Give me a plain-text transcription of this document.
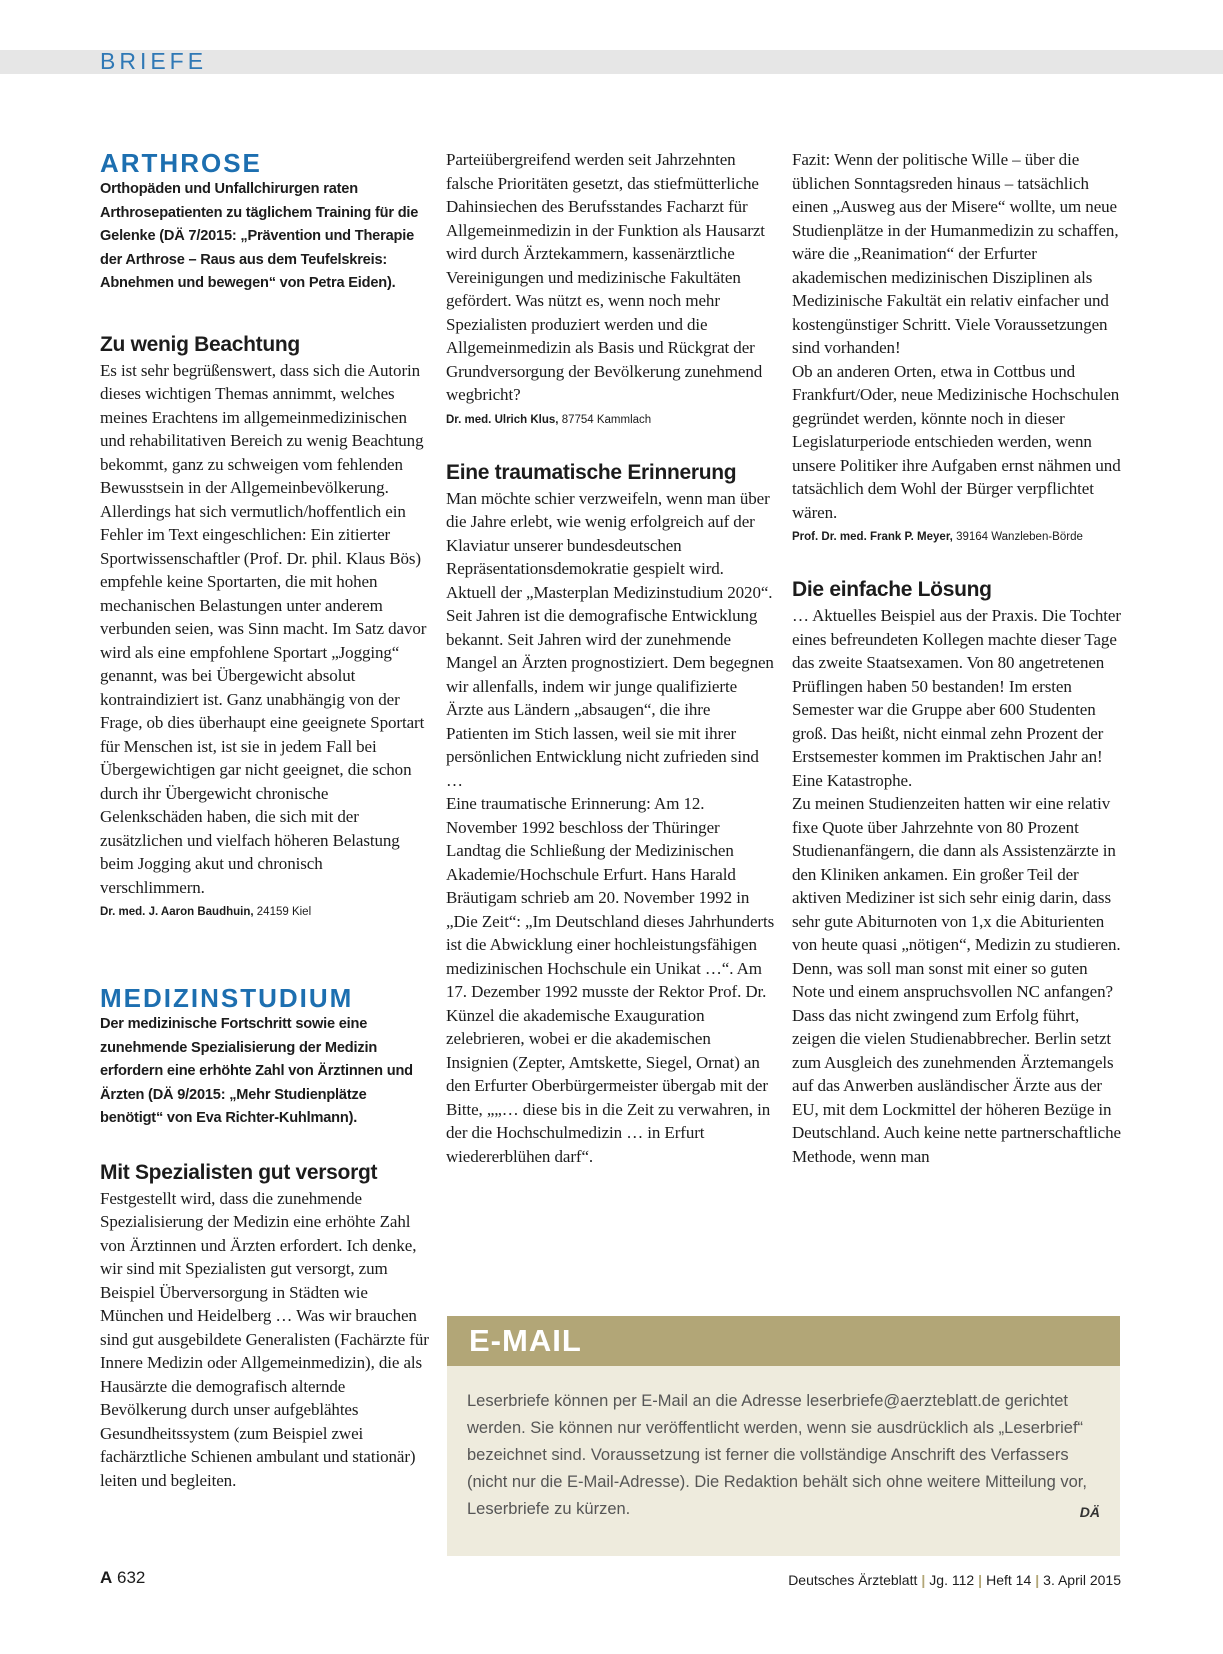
BRIEFE
ARTHROSE

Orthopäden und Unfallchirurgen raten Arthrosepatienten zu täglichem Training für die Gelenke (DÄ 7/2015: „Prävention und Therapie der Arthrose – Raus aus dem Teufelskreis: Abnehmen und bewegen“ von Petra Eiden).

Zu wenig Beachtung

Es ist sehr begrüßenswert, dass sich die Autorin dieses wichtigen Themas annimmt, welches meines Erachtens im allgemeinmedizinischen und rehabilitativen Bereich zu wenig Beachtung bekommt, ganz zu schweigen vom fehlenden Bewusstsein in der Allgemeinbevölkerung. Allerdings hat sich vermutlich/hoffentlich ein Fehler im Text eingeschlichen: Ein zitierter Sportwissenschaftler (Prof. Dr. phil. Klaus Bös) empfehle keine Sportarten, die mit hohen mechanischen Belastungen unter anderem verbunden seien, was Sinn macht. Im Satz davor wird als eine empfohlene Sportart „Jogging“ genannt, was bei Übergewicht absolut kontraindiziert ist. Ganz unabhängig von der Frage, ob dies überhaupt eine geeignete Sportart für Menschen ist, ist sie in jedem Fall bei Übergewichtigen gar nicht geeignet, die schon durch ihr Übergewicht chronische Gelenkschäden haben, die sich mit der zusätzlichen und vielfach höheren Belastung beim Jogging akut und chronisch verschlimmern.

Dr. med. J. Aaron Baudhuin, 24159 Kiel

MEDIZINSTUDIUM

Der medizinische Fortschritt sowie eine zunehmende Spezialisierung der Medizin erfordern eine erhöhte Zahl von Ärztinnen und Ärzten (DÄ 9/2015: „Mehr Studienplätze benötigt“ von Eva Richter-Kuhlmann).

Mit Spezialisten gut versorgt

Festgestellt wird, dass die zunehmende Spezialisierung der Medizin eine erhöhte Zahl von Ärztinnen und Ärzten erfordert. Ich denke, wir sind mit Spezialisten gut versorgt, zum Beispiel Überversorgung in Städten wie München und Heidelberg … Was wir brauchen sind gut ausgebildete Generalisten (Fachärzte für Innere Medizin oder Allgemeinmedizin), die als Hausärzte die demografisch alternde Bevölkerung durch unser aufgeblähtes Gesundheitssystem (zum Beispiel zwei fachärztliche Schienen ambulant und stationär) leiten und begleiten.

Parteiübergreifend werden seit Jahrzehnten falsche Prioritäten gesetzt, das stiefmütterliche Dahinsiechen des Berufsstandes Facharzt für Allgemeinmedizin in der Funktion als Hausarzt wird durch Ärztekammern, kassenärztliche Vereinigungen und medizinische Fakultäten gefördert. Was nützt es, wenn noch mehr Spezialisten produziert werden und die Allgemeinmedizin als Basis und Rückgrat der Grundversorgung der Bevölkerung zunehmend wegbricht?

Dr. med. Ulrich Klus, 87754 Kammlach

Eine traumatische Erinnerung

Man möchte schier verzweifeln, wenn man über die Jahre erlebt, wie wenig erfolgreich auf der Klaviatur unserer bundesdeutschen Repräsentationsdemokratie gespielt wird. Aktuell der „Masterplan Medizinstudium 2020“.

Seit Jahren ist die demografische Entwicklung bekannt. Seit Jahren wird der zunehmende Mangel an Ärzten prognostiziert. Dem begegnen wir allenfalls, indem wir junge qualifizierte Ärzte aus Ländern „absaugen“, die ihre Patienten im Stich lassen, weil sie mit ihrer persönlichen Entwicklung nicht zufrieden sind …

Eine traumatische Erinnerung: Am 12. November 1992 beschloss der Thüringer Landtag die Schließung der Medizinischen Akademie/Hochschule Erfurt. Hans Harald Bräutigam schrieb am 20. November 1992 in „Die Zeit“: „Im Deutschland dieses Jahrhunderts ist die Abwicklung einer hochleistungsfähigen medizinischen Hochschule ein Unikat …“. Am 17. Dezember 1992 musste der Rektor Prof. Dr. Künzel die akademische Exauguration zelebrieren, wobei er die akademischen Insignien (Zepter, Amtskette, Siegel, Ornat) an den Erfurter Oberbürgermeister übergab mit der Bitte, „„… diese bis in die Zeit zu verwahren, in der die Hochschulmedizin … in Erfurt wiedererblühen darf“.

Fazit: Wenn der politische Wille – über die üblichen Sonntagsreden hinaus – tatsächlich einen „Ausweg aus der Misere“ wollte, um neue Studienplätze in der Humanmedizin zu schaffen, wäre die „Reanimation“ der Erfurter akademischen medizinischen Disziplinen als Medizinische Fakultät ein relativ einfacher und kostengünstiger Schritt. Viele Voraussetzungen sind vorhanden!

Ob an anderen Orten, etwa in Cottbus und Frankfurt/Oder, neue Medizinische Hochschulen gegründet werden, könnte noch in dieser Legislaturperiode entschieden werden, wenn unsere Politiker ihre Aufgaben ernst nähmen und tatsächlich dem Wohl der Bürger verpflichtet wären.

Prof. Dr. med. Frank P. Meyer, 39164 Wanzleben-Börde

Die einfache Lösung

… Aktuelles Beispiel aus der Praxis. Die Tochter eines befreundeten Kollegen machte dieser Tage das zweite Staatsexamen. Von 80 angetretenen Prüflingen haben 50 bestanden! Im ersten Semester war die Gruppe aber 600 Studenten groß. Das heißt, nicht einmal zehn Prozent der Erstsemester kommen im Praktischen Jahr an! Eine Katastrophe.

Zu meinen Studienzeiten hatten wir eine relativ fixe Quote über Jahrzehnte von 80 Prozent Studienanfängern, die dann als Assistenzärzte in den Kliniken ankamen. Ein großer Teil der aktiven Mediziner ist sich sehr einig darin, dass sehr gute Abiturnoten von 1,x die Abiturienten von heute quasi „nötigen“, Medizin zu studieren. Denn, was soll man sonst mit einer so guten Note und einem anspruchsvollen NC anfangen? Dass das nicht zwingend zum Erfolg führt, zeigen die vielen Studienabbrecher. Berlin setzt zum Ausgleich des zunehmenden Ärztemangels auf das Anwerben ausländischer Ärzte aus der EU, mit dem Lockmittel der höheren Bezüge in Deutschland. Auch keine nette partnerschaftliche Methode, wenn man

E-MAIL

Leserbriefe können per E-Mail an die Adresse leserbriefe@aerzteblatt.de gerichtet werden. Sie können nur veröffentlicht werden, wenn sie ausdrücklich als „Leserbrief“ bezeichnet sind. Voraussetzung ist ferner die vollständige Anschrift des Verfassers (nicht nur die E-Mail-Adresse). Die Redaktion behält sich ohne weitere Mitteilung vor, Leserbriefe zu kürzen.	DÄ
A 632	Deutsches Ärzteblatt | Jg. 112 | Heft 14 | 3. April 2015
